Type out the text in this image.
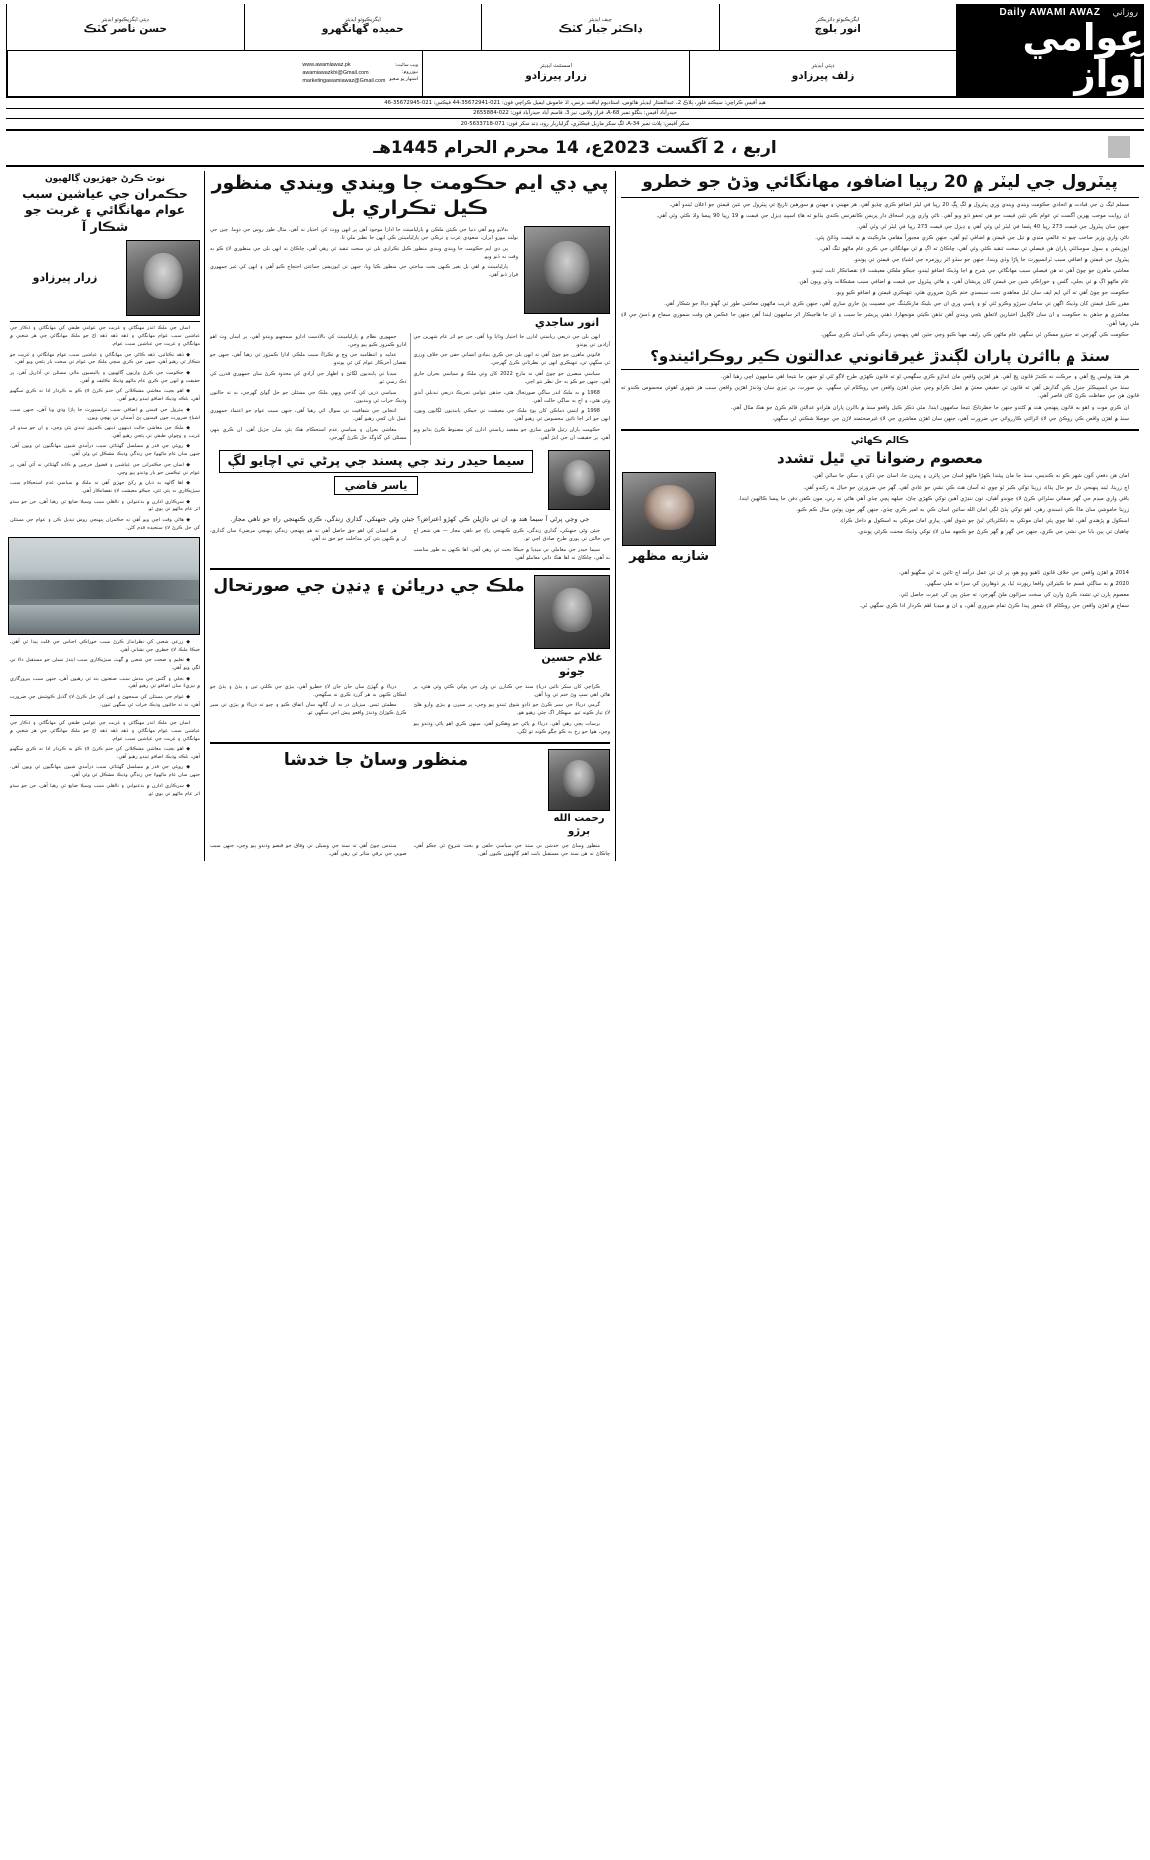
روزاني
Daily AWAMI AWAZ
عوامي آواز
ايگزيڪيوٽو ڊائريڪٽر
انور بلوچ
چيف ايڊيٽر
ڊاڪٽر جبار کٽڪ
ايگزيڪيوٽو ايڊيٽر
حميده گهانگهرو
ڊپٽي ايگزيڪيوٽو ايڊيٽر
حسن ناصر کٽڪ
ڊپٽي ايڊيٽر
زلف پيرزادو
اسسٽنٽ ايڊيٽر
زرار پيرزادو
ويب سائيٽ:
نيوزروم:
اشتهار ڀو شعبو
www.awamiawaz.pk
awamiawazkhi@Gmail.com
marketingawamiawaz@Gmail.com
هيڊ آفيس ڪراچي: سيڪنڊ فلور، ٻلاڪ 2، عبدالستار ايڊيٽر هائوس، استاديوم لياقت بزنس، اڌ خاموش ايميل ڪراچي فون: 021-35672941-44 فيڪس: 021-35672945-46
حيدرآباد آفيس: بنگلو نمبر 68-A، فراز ولاس، نير 3، قاسم آباد حيدرآباد فون: 022-2655884
سکر آفيس: پلاٽ نمبر 34-A، لڳ سکر ماربل فيڪٽري، گرلياربار روڊ، ڍنڊ سکر فون: 071-5633718-20
اربع ، 2 آگست 2023ع، 14 محرم الحرام 1445هـ
پيٽرول جي ليٽر ۾ 20 رپيا اضافو، مهانگائي وڌڻ جو خطرو

مسلم ليگ ن جي قيادت ۾ اتحادي حڪومت ويندي ويندي وري پيٽرول ۾ لڳ ڀڳ 20 رپيا في ليٽر اضافو ڪري ڇڏيو آهي. هر مهيني ۽ مهينن ۾ سورهين تاريخ تي پيٽرول جي نئين قيمتن جو اعلان ٿيندو آهي.

ان روايت موجب ٻهرين آگست تي عوام ڪي نئين قيمت جو هي تحفو ڏنو ويو آهي. ناڻي واري وزير اسحاق ڊار پريس ڪانفرنس ڪندي ٻڌايو ته هاءِ اسپيڊ ڊيزل جي قيمت ۾ 19 رپيا 90 پيسا واڌ ڪئي وئي آهي.

جنهن سان پيٽرول جي قيمت 273 رپيا 40 پئسا في ليٽر ٿي وئي آهي ۽ ڊيزل جي قيمت 273 رپيا في ليٽر ٿي وئي آهي.

ناڻي واري وزير صاحب چيو ته عالمي منڊي ۾ تيل جي قيمتن ۾ اضافي ٿيو آهي، جنهن ڪري مجبوراً مقامي مارڪيٽ ۾ به قيمت وڌائڻ پئي.

اپوزيشن ۽ سول سوسائٽي پاران هن فيصلي تي سخت تنقيد ڪئي وئي آهي، ڇاڪاڻ ته اڳ ۾ ئي مهانگائي جي ڪري عام ماڻهو تنگ آهي.

پيٽرول جي قيمتن ۾ اضافي سبب ٽرانسپورٽ جا ڀاڙا وڌي ويندا، جنهن جو سڌو اثر روزمره جي اشياءِ جي قيمتن تي پوندو.

معاشي ماهرن جو چوڻ آهي ته هن فيصلي سبب مهانگائي جي شرح ۾ اڃا وڌيڪ اضافو ٿيندو، جيڪو ملڪي معيشت لاءِ نقصانڪار ثابت ٿيندو.

عام ماڻهو اڳ ۾ ئي بجلي، گئس ۽ خوراڪي شين جي قيمتن کان پريشان آهي، ۽ هاڻي پيٽرول جي قيمت ۾ اضافي سبب مشڪلات وڌي ويون آهن.

حڪومت جو چوڻ آهي ته آئي ايم ايف سان ٿيل معاهدي تحت سبسڊي ختم ڪرڻ ضروري هئي، تنهنڪري قيمتن ۾ اضافو ڪيو ويو.

مقرر ڪيل قيمتن کان وڌيڪ اگهن تي سامان سرڙو وڪرو ٿئي ٿو ۽ پاسي وري ان جي بليڪ مارڪيٽنگ جي مصيبت پڻ جاري ساري آهي، جنهن ڪري غريب ماڻهون معاشي طور تي گهٽو دٻاءُ جو شڪار آهي.

معاشري ۾ جڏهن به حڪومت ۽ ان سان لاڳاپيل اختيارين لاتعلق بڻجي ويندي آهن تڏهن ڪيئي مونجهارا، ذهني پريشر جا سبب ۽ ان جا هاڃيڪار اثر سامهون ايندا آهن جنهن جا عڪس هن وقت سموري سماج ۾ ڏسڻ جي لاءِ ملي رهيا آهن.

حڪومت ڪي گهرجي ته جيترو ممڪن ٿي سگهي عام ماڻهن ڪي رليف مهيا ڪيو وڃي جئين اهي پنهنجي زندگي ڪي آسان ڪري سگهن.

سنڌ ۾ بااثرن پاران لڳندڙ غيرقانوني عدالتون ڪير روڪرائيندو؟

هر هنڌ پوليس ڀڃ آهي ۽ حرڪت نه ڪندڙ قانون ڀڃ آهي. هر اهڙين واقعن مان اندازو ڪري سگهجي ٿو ته قانون ڪهڙي طرح لاڳو ٿئي ٿو جنهن جا نتيجا اهي سامهون اچي رهيا آهن.

سنڌ جي انسپيڪٽر جنرل ڪي گذارش آهي ته قانون تي حقيقي معنيٰ ۾ عمل ڪرايو وڃي جيئن اهڙن واقعن جي روڪٿام ٿي سگهي. بي صورت، بي تيزي سان وڌندڙ اهڙين واقعن سبب هر شهري اهوئي محسوس ڪندو ته قانون هن جي حفاظت ڪرڻ کان قاصر آهي.

ان ڪري موت ۽ اهو به قانون پنهنجي هٿ ۾ کڻندو جنهن جا خطرناڪ نتيجا سامهون ايندا. مٿي ذڪر ڪيل واقعو سنڌ ۾ بااثرن پاران هٿرادو عدالتن قائم ڪرڻ جو هڪ مثال آهي.

سنڌ ۾ اهڙن واقعن ڪي روڪڻ جي لاءِ اثرائتي ڪارروائي جي ضرورت آهي، جنهن سان اهڙن معاشري جي لاءِ غيرصحتمند لاڙن جي حوصلا شڪني ٿي سگهي.

ڪالم ڪهاڻي
معصوم رضوانا تي ٿيل تشدد

امان هن دفعي آئون شهر ڪو نه ڪنديس، سنڌ جا مان پيئندا ڪهڙا ماڻهو اسان جي ڀائرن ۽ ڀينرن جا، اسان جي ڏکن ۽ سکن جا ساٿي آهن.

اچ زرينا، ٿيند پنهنجي دل جو حال ٻڌاءِ، زرينا توکي ڪير ٿو چوي ته آسان هٿ ڪي نشي جو عادي آهي. گهر جي ضرورتن جو خيال نه رکندو آهي.

باقي واري ميڊم جي گهر صفائي سٿرائي ڪرڻ لاءِ چوندو آهيان، تون ننڍڙي آهين توکي ڪهڙي ڄاڻ، جيلهه پڄي چڏي آهي هاڻي نه رني، مون ڪفن دفن جا پيسا ڪالهين ايندا.

زرينا خاموشي سان ماءُ ڪي ڏسندي رهي. اهو توکي ٻڌڻ لڳي امان الله سائين اسان ڪي به امير ڪري ڇڏي، جنهن گهر مون ٻوئين سال ڪم ڪيو.

اسڪول ۾ پڙهندي آهي، اها چوي پئي امان مونکي به ڊاڪٽرياڻي ٿيڻ جو شوق آهي. پياري امان مونکي به اسڪول ۾ داخل ڪراءِ.

ڇاهيان تي ٻين بابا جي نشي جي ڪري، جنهن جي گهر ۾ گهر ڪرڻ جو ڪجهه سان لاءِ توکي وڌيڪ محنت ڪرڻي پوندي.

شازيه مظهر

2014 ۾ اهڙن واقعن جي خلاف قانون ٺاهيو ويو هو، پر ان تي عمل درآمد اڄ تائين نه ٿي سگهيو آهي.

2020 ۾ به ساڳئي قسم جا ڪيترائي واقعا رپورٽ ٿيا، پر ڏوهارين کي سزا نه ملي سگهي.

معصوم ٻارن تي تشدد ڪرڻ وارن کي سخت سزائون ملڻ گهرجن، ته جيئن ٻين کي عبرت حاصل ٿئي.

سماج ۾ اهڙن واقعن جي روڪٿام لاءِ شعور پيدا ڪرڻ تمام ضروري آهي، ۽ ان ۾ ميڊيا اهم ڪردار ادا ڪري سگهي ٿي.

پي ڊي ايم حڪومت جا ويندي ويندي منظور ڪيل تڪراري بل
انور ساجدي

بدلايو ويو آهي دنيا جي ڪيئن ملڪن ۾ پارليامينٽ جا ادارا موجود آهن پر انهن ووٽ کي اختيار نه آهن، مثال طور روس جي ڊوما. چين جي بولٽ بيورو ايران، سعودي عرب ۽ ترڪي جي پارليامينٽن ڪي انهن جا نظير ملي ٿا.

پي ڊي ايم حڪومت جا ويندي ويندي منظور ڪيل تڪراري بلن تي سخت تنقيد ٿي رهي آهي، ڇاڪاڻ ته انهن بلن جي منظوري لاءِ ڪو به وقت نه ڏنو ويو.

پارليامينٽ ۾ اهي بل بغير ڪنهن بحث مباحثي جي منظور ڪيا ويا، جنهن تي اپوزيشن جماعتن احتجاج ڪيو آهي ۽ انهن کي غير جمهوري قرار ڏنو آهي.

انهن بلن جي ذريعي رياستي ادارن جا اختيار وڌايا ويا آهن، جن جو اثر عام شهرين جي آزادين تي پوندو.

قانوني ماهرن جو چوڻ آهي ته انهن بلن جي ڪري بنيادي انساني حقن جي خلاف ورزي ٿي سگهي ٿي، تنهنڪري انهن تي نظرثاني ڪرڻ گهرجي.

سياسي مبصرن جو چوڻ آهي ته مارچ 2022 کان وٺي ملڪ ۾ سياسي بحران جاري آهي، جنهن جو ڪو به حل نظر نٿو اچي.

1968 ۾ به ملڪ اندر ساڳي صورتحال هئي، جڏهن عوامي تحريڪ ذريعي تبديلي آندي وئي هئي، ۽ اڄ به ساڳي حالت آهي.

1998 ۾ ايٽمي ڌماڪن کان پوءِ ملڪ جي معيشت تي جيڪي پابنديون لڳايون ويون، انهن جو اثر اڃا تائين محسوس ٿي رهيو آهي.

حڪومت پاران رٿيل قانون سازي جو مقصد رياستي ادارن کي مضبوط ڪرڻ ٻڌايو ويو آهي، پر حقيقت ان جي ابتڙ آهي.

جمهوري نظام ۾ پارليامينٽ کي بالادست ادارو سمجهيو ويندو آهي، پر اسان وٽ اهو ادارو ڪمزور ڪيو پيو وڃي.

عدليه ۽ انتظاميه جي وچ ۾ ٽڪراءُ سبب ملڪي ادارا ڪمزور ٿي رهيا آهن، جنهن جو نقصان آخرڪار عوام کي ئي پوندو.

ميڊيا تي پابنديون لڳائڻ ۽ اظهار جي آزادي کي محدود ڪرڻ سان جمهوري قدرن کي ڌڪ رسي ٿو.

سياسي ڌرين کي گڏجي ويهي ملڪ جي مسئلن جو حل ڳولڻ گهرجي، نه ته حالتون وڌيڪ خراب ٿي وينديون.

انتخابن جي شفافيت تي سوال اٿي رهيا آهن، جنهن سبب عوام جو اعتماد جمهوري عمل تان کڄي رهيو آهي.

معاشي بحران ۽ سياسي عدم استحڪام هڪ ٻئي سان جڙيل آهن، ان ڪري ٻنهي مسئلن کي گڏوگڏ حل ڪرڻ گهرجي.

سيما حيدر رند جي پسند جي پرڻي تي اچايو لڳ ياسر قاضي

جي وڃي پرڻي آ سيما هند ۾، ان تي ڊاڙيلن ڪي کهڙو اعتراض؟ جيئن وڻي جنهنکي، گذاري زندگي، ڪري ڪنهنجي راءِ جو ناهي مجاز.

جيئن وڻي جنهنکي، گذاري زندگي، ڪري ڪنهنجي راءِ جو ناهي مجاز — هي شعر اڄ جي حالتن تي پوري طرح صادق اچي ٿو.

سيما حيدر جي معاملي تي ميڊيا ۾ جيڪا بحث ٿي رهي آهي، اها ڪنهن به طور مناسب نه آهي، ڇاڪاڻ ته اها هڪ ذاتي معاملو آهي.

هر انسان کي اهو حق حاصل آهي ته هو پنهنجي زندگي پنهنجي مرضيءَ سان گذاري، ان ۾ ڪنهن ٻئي کي مداخلت جو حق نه آهي.

غلام حسين جوٺو
ملڪ جي دريائن ۽ ڍنڍن جي صورتحال

ڪراچي کان سکر تائين درياءِ سنڌ جي ڪنارن تي وڻن جي پوکي ڪئي وئي هئي، پر هاڻي اهي سڀ وڻ ختم ٿي ويا آهن.

گرمي درياءَ جي سير ڪرڻ جو ڏاڍو شوق ٿيندو پيو وڃي، پر سيزن ۾ ٻيڙي وارو هلڻ لاءِ تيار ڪونه ٿيو. سهڪار اڳ چئي رهيو هو.

برسات پڄي رهي آهي. درياءَ ۾ پاڻي جو وهڪرو آهي، مينهن ڪري اهو پاڻي وڌندو پيو وڃي، هوا جو رخ به ڪو چڱو ڪونه ٿو لڳي.

درياءَ ۾ گهڙڻ سان جان جان لاءِ خطرو آهي، ٻيڙي جي ڪلتي ٿين ۽ ٻڏڻ ۽ ٻڏڻ جو امڪان ڪنهن به هر گزرد ڪري نه سگهجي.

مطمئن ٿيس. ميزبان در به ان ڳالهه سان اتفاق ڪيو ۽ چيو ته درياءَ ۾ ٻيڙي تي سير ڪرڻ ڪوڙاڻ وڌندڙ واقعو پيش اچي سگهي ٿو.

رحمت الله ٻرڙو
منظور وساڻ جا خدشا

منظور وساڻ جي خدشن تي سنڌ جي سياسي حلقن ۾ بحث شروع ٿي چڪو آهي، ڇاڪاڻ ته هن سنڌ جي مستقبل بابت اهم ڳالهيون ڪيون آهن.

سندس چوڻ آهي ته سنڌ جي وسيلن تي وفاق جو قبضو وڌندو پيو وڃي، جنهن سبب صوبي جي ترقي متاثر ٿي رهي آهي.

نوٽ ڪرڻ جهڙيون ڳالهيون
حڪمران جي عياشين سبب عوام مهانگائي ۽ غربت جو شڪار آ
زرار پيرزادو

اسان جي ملڪ اندر مهنگائي ۽ غربت جي عوامي طبقي کي مهانگائي ۽ ڏڪار جي عياشين سبب عوام مهانگائي ۽ ڏهه ڏهه ڏهه اڄ جو ملڪ مهانگائي جي هر شعبي ۾ مهانگائي ۽ غربت جي عياشين سبب عوام.

◆ ڏهه نڪتائين، ڏهه ڪاڻي جي مهانگائي ۽ عياشين سبب عوام مهانگائي ۽ غربت جو شڪار ٿي رهيو آهي، جنهن جي ڪري سڄي ملڪ جي عوام تي سخت بار پئجي ويو آهي.

◆ حڪومت جي ڪرڻ واريون ڳالهيون ۽ پاليسيون مالي مسئلن تي آڌاريل آهن، پر حقيقت ۾ انهن جي ڪري عام ماڻهو وڌيڪ تڪليف ۾ آهي.

◆ اهو بجيٽ معاشي مشڪلاتن کي ختم ڪرڻ لاءِ ڪو به ڪردار ادا نه ڪري سگهيو آهي، بلڪه وڌيڪ اضافو ٿيندو رهيو آهي.

◆ پيٽرول جي قيمتن ۾ اضافي سبب ٽرانسپورٽ جا ڀاڙا وڌي ويا آهن، جنهن سبب اشياءِ ضرورت جون قيمتون پڻ آسمان تي پهچي ويون.

◆ ملڪ جي معاشي حالت ڏينهون ڏينهن ڪمزور ٿيندي پئي وڃي، ۽ ان جو سڌو اثر غريب ۽ وچولي طبقي تي پئجي رهيو آهي.

◆ روپئي جي قدر ۾ مسلسل گهٽتائي سبب درآمدي شيون مهانگيون ٿي ويون آهن، جنهن سان عام ماڻهوءَ جي زندگي وڌيڪ مشڪل ٿي وئي آهي.

◆ اسان جي حڪمرانن جي عياشين ۽ فضول خرچين ۾ ڪابه گهٽتائي نه آئي آهي، پر عوام تي ٽيڪسن جو بار وڌندو پيو وڃي.

◆ اها ڳالهه به ڌيان ۾ رکڻ جهڙي آهي ته ملڪ ۾ سياسي عدم استحڪام سبب سيڙپڪاري نه پئي ٿئي، جيڪو معيشت لاءِ نقصانڪار آهي.

◆ سرڪاري ادارن ۾ بدعنواني ۽ نااهلي سبب وسيلا ضايع ٿي رهيا آهن، جن جو سڌو اثر عام ماڻهو تي پوي ٿو.

◆ هاڻي وقت اچي ويو آهي ته حڪمران پنهنجي روش تبديل ڪن ۽ عوام جي مسئلن کي حل ڪرڻ لاءِ سنجيده قدم کڻن.

◆ زرعي شعبي کي نظرانداز ڪرڻ سبب خوراڪي اجناس جي قلت پيدا ٿي آهي، جيڪا ملڪ لاءِ خطري جي نشاني آهي.

◆ تعليم ۽ صحت جي شعبن ۾ گهٽ سيڙپڪاري سبب ايندڙ نسلن جو مستقبل داءَ تي لڳي ويو آهي.

◆ بجلي ۽ گئس جي بندش سبب صنعتون بند ٿي رهيون آهن، جنهن سبب بيروزگاري ۾ تيزيءَ سان اضافو ٿي رهيو آهي.

◆ عوام جي مسئلن کي سمجهڻ ۽ انهن کي حل ڪرڻ لاءِ گڏيل ڪوشش جي ضرورت آهي، نه ته حالتون وڌيڪ خراب ٿي سگهن ٿيون.

اسان جي ملڪ اندر مهنگائي ۽ غربت جي عوامي طبقي کي مهانگائي ۽ ڏڪار جي عياشين سبب عوام مهانگائي ۽ ڏهه ڏهه ڏهه اڄ جو ملڪ مهانگائي جي هر شعبي ۾ مهانگائي ۽ غربت جي عياشين سبب عوام.

◆ اهو بجيٽ معاشي مشڪلاتن کي ختم ڪرڻ لاءِ ڪو به ڪردار ادا نه ڪري سگهيو آهي، بلڪه وڌيڪ اضافو ٿيندو رهيو آهي.

◆ روپئي جي قدر ۾ مسلسل گهٽتائي سبب درآمدي شيون مهانگيون ٿي ويون آهن، جنهن سان عام ماڻهوءَ جي زندگي وڌيڪ مشڪل ٿي وئي آهي.

◆ سرڪاري ادارن ۾ بدعنواني ۽ نااهلي سبب وسيلا ضايع ٿي رهيا آهن، جن جو سڌو اثر عام ماڻهو تي پوي ٿو.
